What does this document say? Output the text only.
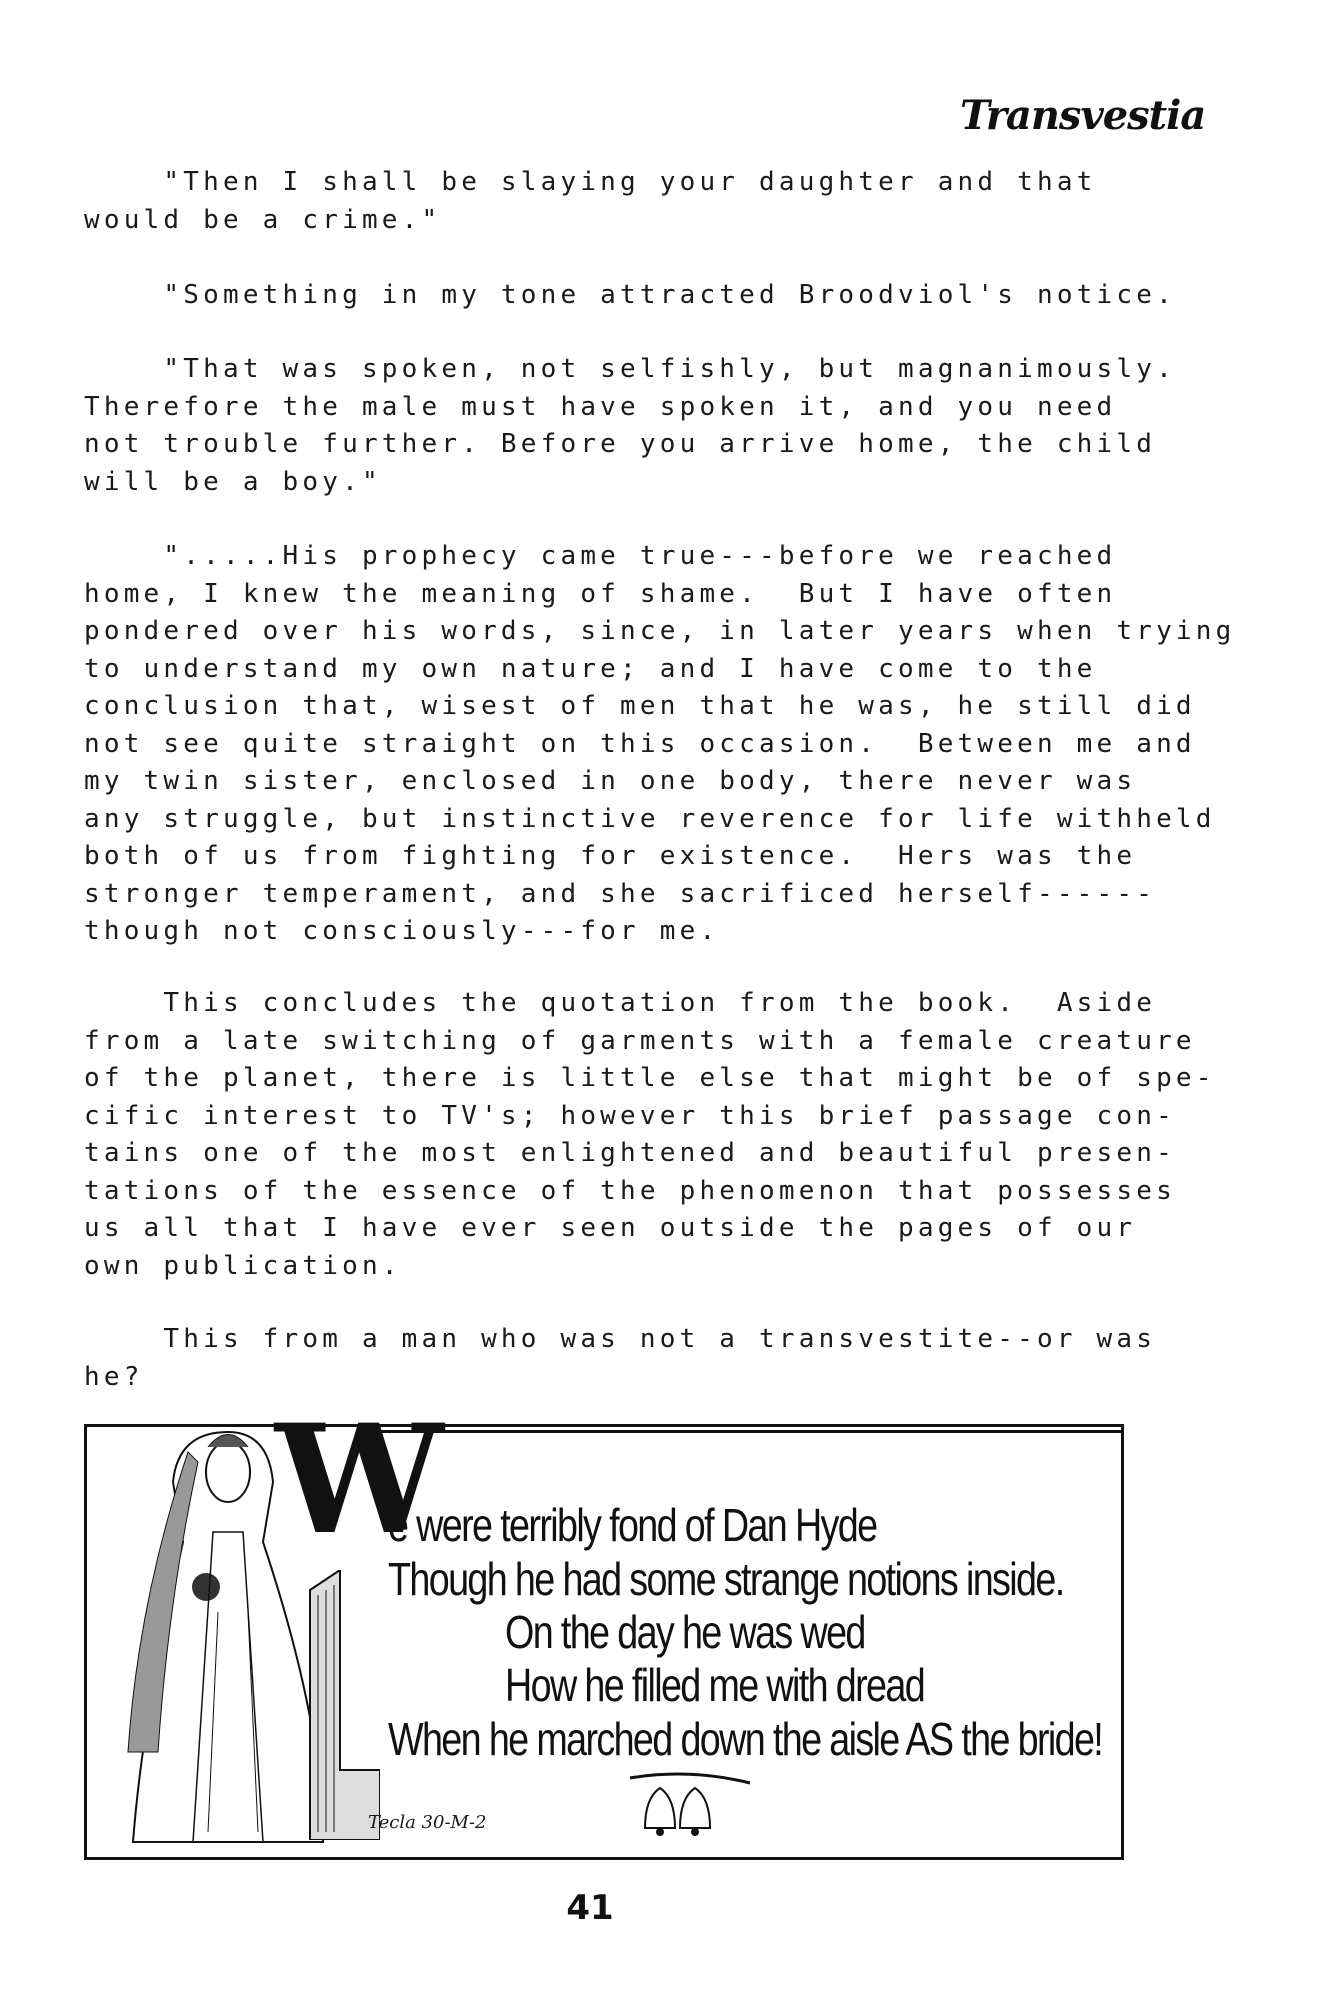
Transvestia
"Then I shall be slaying your daughter and that
would be a crime."
"Something in my tone attracted Broodviol's notice.
"That was spoken, not selfishly, but magnanimously.
Therefore the male must have spoken it, and you need
not trouble further. Before you arrive home, the child
will be a boy."
".....His prophecy came true---before we reached
home, I knew the meaning of shame.  But I have often
pondered over his words, since, in later years when trying
to understand my own nature; and I have come to the
conclusion that, wisest of men that he was, he still did
not see quite straight on this occasion.  Between me and
my twin sister, enclosed in one body, there never was
any struggle, but instinctive reverence for life withheld
both of us from fighting for existence.  Hers was the
stronger temperament, and she sacrificed herself------
though not consciously---for me.
This concludes the quotation from the book.  Aside
from a late switching of garments with a female creature
of the planet, there is little else that might be of spe-
cific interest to TV's; however this brief passage con-
tains one of the most enlightened and beautiful presen-
tations of the essence of the phenomenon that possesses
us all that I have ever seen outside the pages of our
own publication.
This from a man who was not a transvestite--or was
he?
W
e were terribly fond of Dan Hyde
Though he had some strange notions inside.
On the day he was wed
How he filled me with dread
When he marched down the aisle AS the bride!
Tecla 30-M-2
41
